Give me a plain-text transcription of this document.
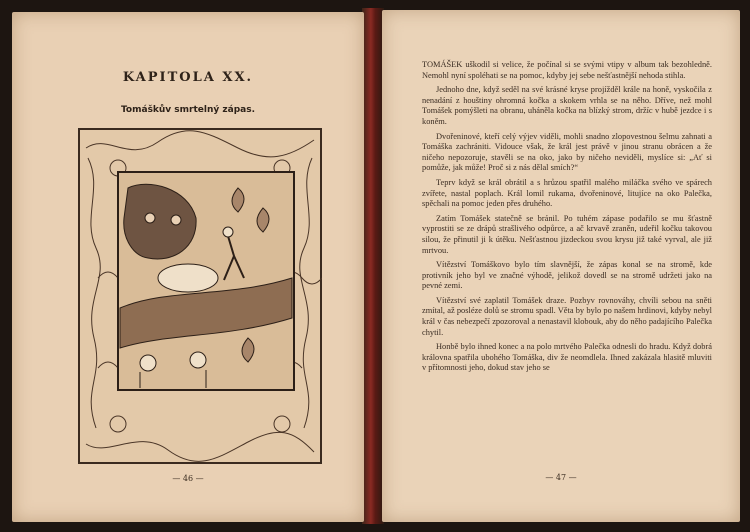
KAPITOLA XX.
Tomáškův smrtelný zápas.
— 46 —

TOMÁŠEK uškodil si velice, že počínal si se svými vtipy v album tak bezohledně. Nemohl nyní spoléhati se na pomoc, kdyby jej sebe nešťastnější nehoda stihla.

Jednoho dne, když seděl na své krásné kryse projížděl krále na honě, vyskočila z nenadání z houštiny ohromná kočka a skokem vrhla se na něho. Dříve, než mohl Tomášek pomýšleti na obranu, uháněla kočka na blízký strom, držíc v hubě jezdce i s koněm.

Dvořeninové, kteří celý výjev viděli, mohli snadno zlopovestnou šelmu zahnati a Tomáška zachrániti. Vidouce však, že král jest právě v jinou stranu obrácen a že ničeho nepozoruje, stavěli se na oko, jako by ničeho neviděli, myslíce si: „Ať si pomůže, jak může! Proč si z nás dělal smích?“

Teprv když se král obrátil a s hrůzou spatřil malého miláčka svého ve spárech zvířete, nastal poplach. Král lomil rukama, dvořeninové, litujíce na oko Palečka, spěchali na pomoc jeden přes druhého.

Zatím Tomášek statečně se bránil. Po tuhém zápase podařilo se mu šťastně vyprostiti se ze drápů strašlivého odpůrce, a ač krvavě zraněn, udeřil kočku takovou silou, že přinutil ji k útěku. Nešťastnou jizdeckou svou krysu již také vyrval, ale již mrtvou.

Vítězství Tomáškovo bylo tím slavnější, že zápas konal se na stromě, kde protivník jeho byl ve značné výhodě, jelikož dovedl se na stromě udržeti jako na pevné zemi.

Vítězství své zaplatil Tomášek draze. Pozbyv rovnováhy, chvíli sebou na sněti zmítal, až posléze dolů se stromu spadl. Věta by bylo po našem hrdinovi, kdyby nebyl král v čas nebezpečí zpozoroval a nenastavil klobouk, aby do něho padajícího Palečka chytil.

Honbě bylo ihned konec a na polo mrtvého Palečka odnesli do hradu. Když dobrá královna spatřila ubohého Tomáška, div že neomdlela. Ihned zakázala hlasitě mluviti v přítomnosti jeho, dokud stav jeho se

— 47 —
